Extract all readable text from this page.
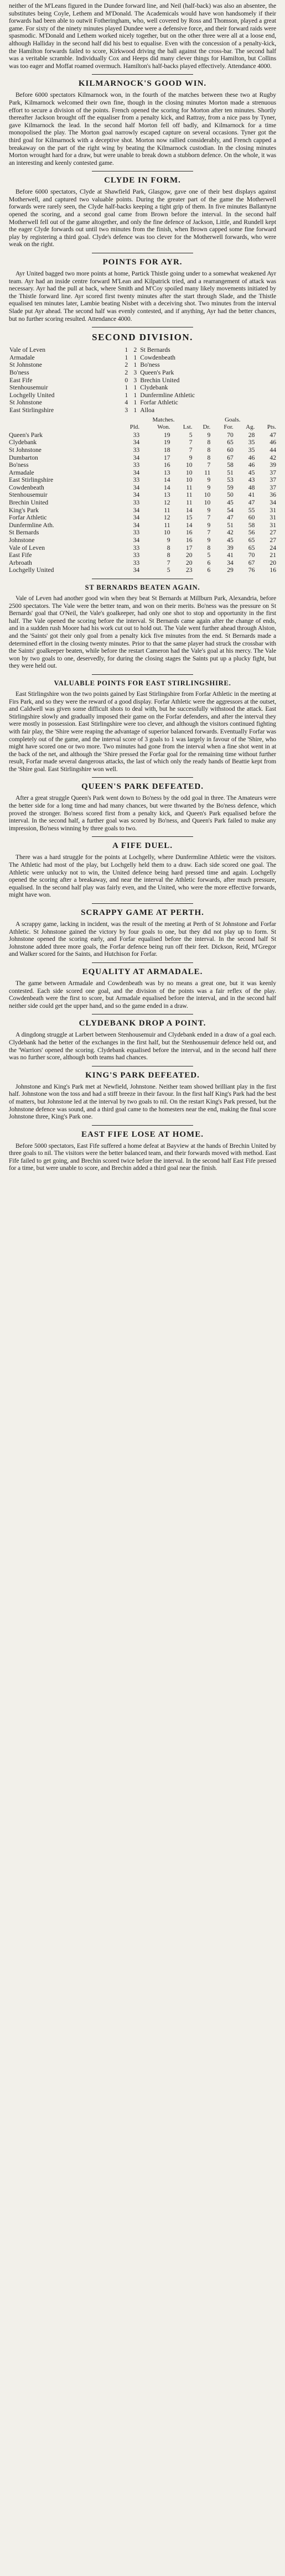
neither of the M'Leans figured in the Dundee forward line, and Neil (half-back) was also an absentee, the substitutes being Coyle, Lethem and M'Donald. The Academicals would have won handsomely if their forwards had been able to outwit Fotheringham, who, well covered by Ross and Thomson, played a great game. For sixty of the ninety minutes played Dundee were a defensive force, and their forward raids were spasmodic. M'Donald and Lethem worked nicely together, but on the other three were all at a loose end, although Halliday in the second half did his best to equalise. Even with the concession of a penalty-kick, the Hamilton forwards failed to score, Kirkwood driving the ball against the cross-bar. The second half was a veritable scramble. Individually Cox and Heeps did many clever things for Hamilton, but Collins was too eager and Moffat roamed overmuch. Hamilton's half-backs played effectively. Attendance 4000.

KILMARNOCK'S GOOD WIN.

Before 6000 spectators Kilmarnock won, in the fourth of the matches between these two at Rugby Park, Kilmarnock welcomed their own fine, though in the closing minutes Morton made a strenuous effort to secure a division of the points. French opened the scoring for Morton after ten minutes. Shortly thereafter Jackson brought off the equaliser from a penalty kick, and Rattray, from a nice pass by Tyner, gave Kilmarnock the lead. In the second half Morton fell off badly, and Kilmarnock for a time monopolised the play. The Morton goal narrowly escaped capture on several occasions. Tyner got the third goal for Kilmarnock with a deceptive shot. Morton now rallied considerably, and French capped a breakaway on the part of the right wing by beating the Kilmarnock custodian. In the closing minutes Morton wrought hard for a draw, but were unable to break down a stubborn defence. On the whole, it was an interesting and keenly contested game.

CLYDE IN FORM.

Before 6000 spectators, Clyde at Shawfield Park, Glasgow, gave one of their best displays against Motherwell, and captured two valuable points. During the greater part of the game the Motherwell forwards were rarely seen, the Clyde half-backs keeping a tight grip of them. In five minutes Ballantyne opened the scoring, and a second goal came from Brown before the interval. In the second half Motherwell fell out of the game altogether, and only the fine defence of Jackson, Little, and Rundell kept the eager Clyde forwards out until two minutes from the finish, when Brown capped some fine forward play by registering a third goal. Clyde's defence was too clever for the Motherwell forwards, who were weak on the right.

POINTS FOR AYR.

Ayr United bagged two more points at home, Partick Thistle going under to a somewhat weakened Ayr team. Ayr had an inside centre forward M'Lean and Kilpatrick tried, and a rearrangement of attack was necessary. Ayr had the pull at back, where Smith and M'Coy spoiled many likely movements initiated by the Thistle forward line. Ayr scored first twenty minutes after the start through Slade, and the Thistle equalised ten minutes later, Lambie beating Nisbet with a deceiving shot. Two minutes from the interval Slade put Ayr ahead. The second half was evenly contested, and if anything, Ayr had the better chances, but no further scoring resulted. Attendance 4000.

SECOND DIVISION.
Vale of Leven	1	2	St Bernards
Armadale	1	1	Cowdenbeath
St Johnstone	2	1	Bo'ness
Bo'ness	2	3	Queen's Park
East Fife	0	3	Brechin United
Stenhousemuir	1	1	Clydebank
Lochgelly United	1	1	Dunfermline Athletic
St Johnstone	4	1	Forfar Athletic
East Stirlingshire	3	1	Alloa
	Matches.				Goals.		
	Pld.	Won.	Lst.	Dr.	For.	Ag.	Pts.
Queen's Park	33	19	5	9	70	28	47
Clydebank	34	19	7	8	65	35	46
St Johnstone	33	18	7	8	60	35	44
Dumbarton	34	17	9	8	67	46	42
Bo'ness	33	16	10	7	58	46	39
Armadale	34	13	10	11	51	45	37
East Stirlingshire	33	14	10	9	53	43	37
Cowdenbeath	34	14	11	9	59	48	37
Stenhousemuir	34	13	11	10	50	41	36
Brechin United	33	12	11	10	45	47	34
King's Park	34	11	14	9	54	55	31
Forfar Athletic	34	12	15	7	47	60	31
Dunfermline Ath.	34	11	14	9	51	58	31
St Bernards	33	10	16	7	42	56	27
Johnstone	34	9	16	9	45	65	27
Vale of Leven	33	8	17	8	39	65	24
East Fife	33	8	20	5	41	70	21
Arbroath	33	7	20	6	34	67	20
Lochgelly United	34	5	23	6	29	76	16
ST BERNARDS BEATEN AGAIN.

Vale of Leven had another good win when they beat St Bernards at Millburn Park, Alexandria, before 2500 spectators. The Vale were the better team, and won on their merits. Bo'ness was the pressure on St Bernards' goal that O'Neil, the Vale's goalkeeper, had only one shot to stop and opportunity in the first half. The Vale opened the scoring before the interval. St Bernards came again after the change of ends, and in a sudden rush Moore had his work cut out to hold out. The Vale went further ahead through Alston, and the 'Saints' got their only goal from a penalty kick five minutes from the end. St Bernards made a determined effort in the closing twenty minutes. Prior to that the same player had struck the crossbar with the Saints' goalkeeper beaten, while before the restart Cameron had the Vale's goal at his mercy. The Vale won by two goals to one, deservedly, for during the closing stages the Saints put up a plucky fight, but they were held out.

VALUABLE POINTS FOR EAST STIRLINGSHIRE.

East Stirlingshire won the two points gained by East Stirlingshire from Forfar Athletic in the meeting at Firs Park, and so they were the reward of a good display. Forfar Athletic were the aggressors at the outset, and Caldwell was given some difficult shots to deal with, but he successfully withstood the attack. East Stirlingshire slowly and gradually imposed their game on the Forfar defenders, and after the interval they were mostly in possession. East Stirlingshire were too clever, and although the visitors continued fighting with fair play, the 'Shire were reaping the advantage of superior balanced forwards. Eventually Forfar was completely out of the game, and the interval score of 3 goals to 1 was largely in favour of the 'Shire, who might have scored one or two more. Two minutes had gone from the interval when a fine shot went in at the back of the net, and although the 'Shire pressed the Forfar goal for the remaining time without further result, Forfar made several dangerous attacks, the last of which only the ready hands of Beattie kept from the 'Shire goal. East Stirlingshire won well.

QUEEN'S PARK DEFEATED.

After a great struggle Queen's Park went down to Bo'ness by the odd goal in three. The Amateurs were the better side for a long time and had many chances, but were thwarted by the Bo'ness defence, which proved the stronger. Bo'ness scored first from a penalty kick, and Queen's Park equalised before the interval. In the second half, a further goal was scored by Bo'ness, and Queen's Park failed to make any impression, Bo'ness winning by three goals to two.

A FIFE DUEL.

There was a hard struggle for the points at Lochgelly, where Dunfermline Athletic were the visitors. The Athletic had most of the play, but Lochgelly held them to a draw. Each side scored one goal. The Athletic were unlucky not to win, the United defence being hard pressed time and again. Lochgelly opened the scoring after a breakaway, and near the interval the Athletic forwards, after much pressure, equalised. In the second half play was fairly even, and the United, who were the more effective forwards, might have won.

SCRAPPY GAME AT PERTH.

A scrappy game, lacking in incident, was the result of the meeting at Perth of St Johnstone and Forfar Athletic. St Johnstone gained the victory by four goals to one, but they did not play up to form. St Johnstone opened the scoring early, and Forfar equalised before the interval. In the second half St Johnstone added three more goals, the Forfar defence being run off their feet. Dickson, Reid, M'Gregor and Walker scored for the Saints, and Hutchison for Forfar.

EQUALITY AT ARMADALE.

The game between Armadale and Cowdenbeath was by no means a great one, but it was keenly contested. Each side scored one goal, and the division of the points was a fair reflex of the play. Cowdenbeath were the first to score, but Armadale equalised before the interval, and in the second half neither side could get the upper hand, and so the game ended in a draw.

CLYDEBANK DROP A POINT.

A dingdong struggle at Larbert between Stenhousemuir and Clydebank ended in a draw of a goal each. Clydebank had the better of the exchanges in the first half, but the Stenhousemuir defence held out, and the 'Warriors' opened the scoring. Clydebank equalised before the interval, and in the second half there was no further score, although both teams had chances.

KING'S PARK DEFEATED.

Johnstone and King's Park met at Newfield, Johnstone. Neither team showed brilliant play in the first half. Johnstone won the toss and had a stiff breeze in their favour. In the first half King's Park had the best of matters, but Johnstone led at the interval by two goals to nil. On the restart King's Park pressed, but the Johnstone defence was sound, and a third goal came to the homesters near the end, making the final score Johnstone three, King's Park one.

EAST FIFE LOSE AT HOME.

Before 5000 spectators, East Fife suffered a home defeat at Bayview at the hands of Brechin United by three goals to nil. The visitors were the better balanced team, and their forwards moved with method. East Fife failed to get going, and Brechin scored twice before the interval. In the second half East Fife pressed for a time, but were unable to score, and Brechin added a third goal near the finish.
